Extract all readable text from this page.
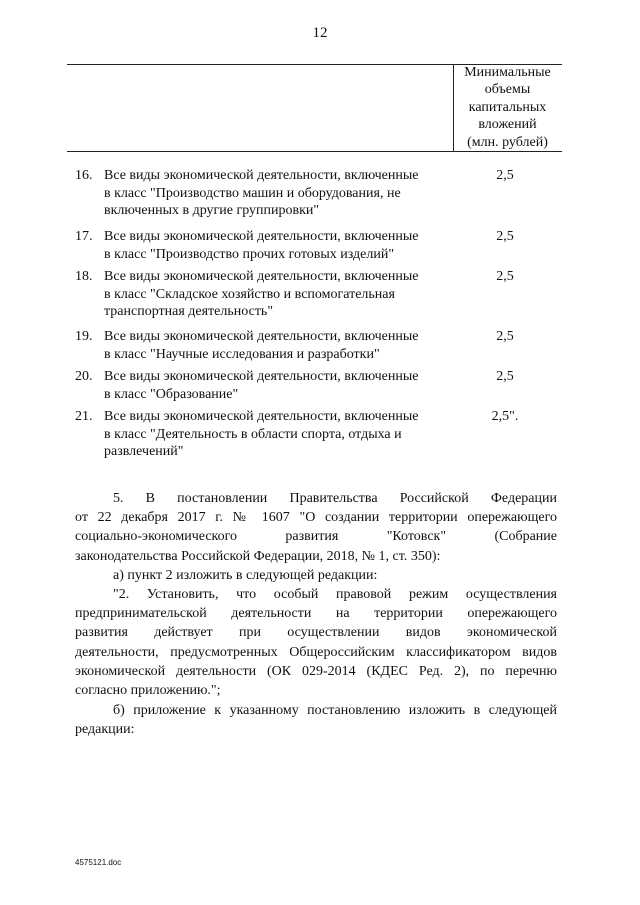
12
Минимальные
объемы
капитальных
вложений
(млн. рублей)
16. Все виды экономической деятельности, включенные
в класс "Производство машин и оборудования, не
включенных в другие группировки"
2,5
17. Все виды экономической деятельности, включенные
в класс "Производство прочих готовых изделий"
2,5
18. Все виды экономической деятельности, включенные
в класс "Складское хозяйство и вспомогательная
транспортная деятельность"
2,5
19. Все виды экономической деятельности, включенные
в класс "Научные исследования и разработки"
2,5
20. Все виды экономической деятельности, включенные
в класс "Образование"
2,5
21. Все виды экономической деятельности, включенные
в класс "Деятельность в области спорта, отдыха и
развлечений"
2,5".
5. В постановлении Правительства Российской Федерации
от 22 декабря 2017 г. № 1607 "О создании территории опережающего
социально-экономического развития "Котовск" (Собрание
законодательства Российской Федерации, 2018, № 1, ст. 350):
а) пункт 2 изложить в следующей редакции:
"2. Установить, что особый правовой режим осуществления
предпринимательской деятельности на территории опережающего
развития действует при осуществлении видов экономической
деятельности, предусмотренных Общероссийским классификатором видов
экономической деятельности (ОК 029-2014 (КДЕС Ред. 2), по перечню
согласно приложению.";
б) приложение к указанному постановлению изложить в следующей
редакции:
4575121.doc
